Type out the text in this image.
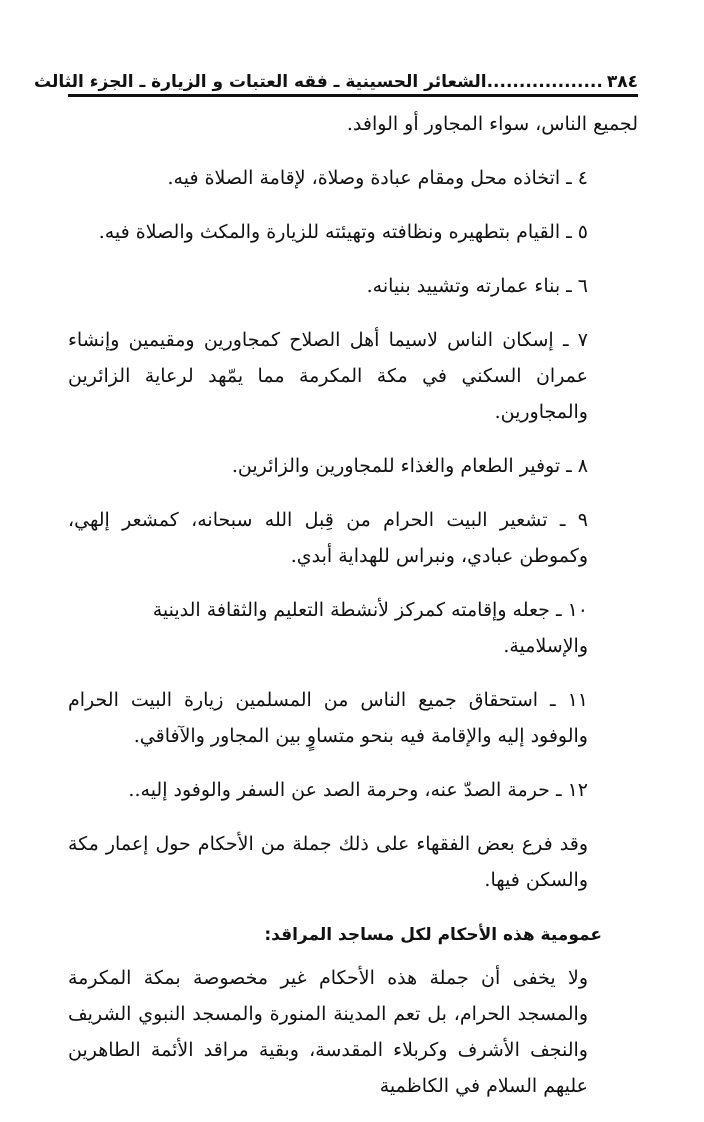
٣٨٤
..................الشعائر الحسينية ـ فقه العتبات و الزيارة ـ الجزء الثالث

لجميع الناس، سواء المجاور أو الوافد.

٤ ـ اتخاذه محل ومقام عبادة وصلاة، لإقامة الصلاة فيه.

٥ ـ القيام بتطهيره ونظافته وتهيئته للزيارة والمكث والصلاة فيه.

٦ ـ بناء عمارته وتشييد بنيانه.

٧ ـ إسكان الناس لاسيما أهل الصلاح كمجاورين ومقيمين وإنشاء عمران السكني في مكة المكرمة مما يمّهد لرعاية الزائرين والمجاورين.

٨ ـ توفير الطعام والغذاء للمجاورين والزائرين.

٩ ـ تشعير البيت الحرام من قِبل الله سبحانه، كمشعر إلهي، وكموطن عبادي، ونبراس للهداية أبدي.

١٠ ـ جعله وإقامته كمركز لأنشطة التعليم والثقافة الدينية والإسلامية.

١١ ـ استحقاق جميع الناس من المسلمين زيارة البيت الحرام والوفود إليه والإقامة فيه بنحو متساوٍ بين المجاور والآفاقي.

١٢ ـ حرمة الصدّ عنه، وحرمة الصد عن السفر والوفود إليه..

وقد فرع بعض الفقهاء على ذلك جملة من الأحكام حول إعمار مكة والسكن فيها.

عمومية هذه الأحكام لكل مساجد المراقد:

ولا يخفى أن جملة هذه الأحكام غير مخصوصة بمكة المكرمة والمسجد الحرام، بل تعم المدينة المنورة والمسجد النبوي الشريف والنجف الأشرف وكربلاء المقدسة، وبقية مراقد الأئمة الطاهرين عليهم السلام في الكاظمية
